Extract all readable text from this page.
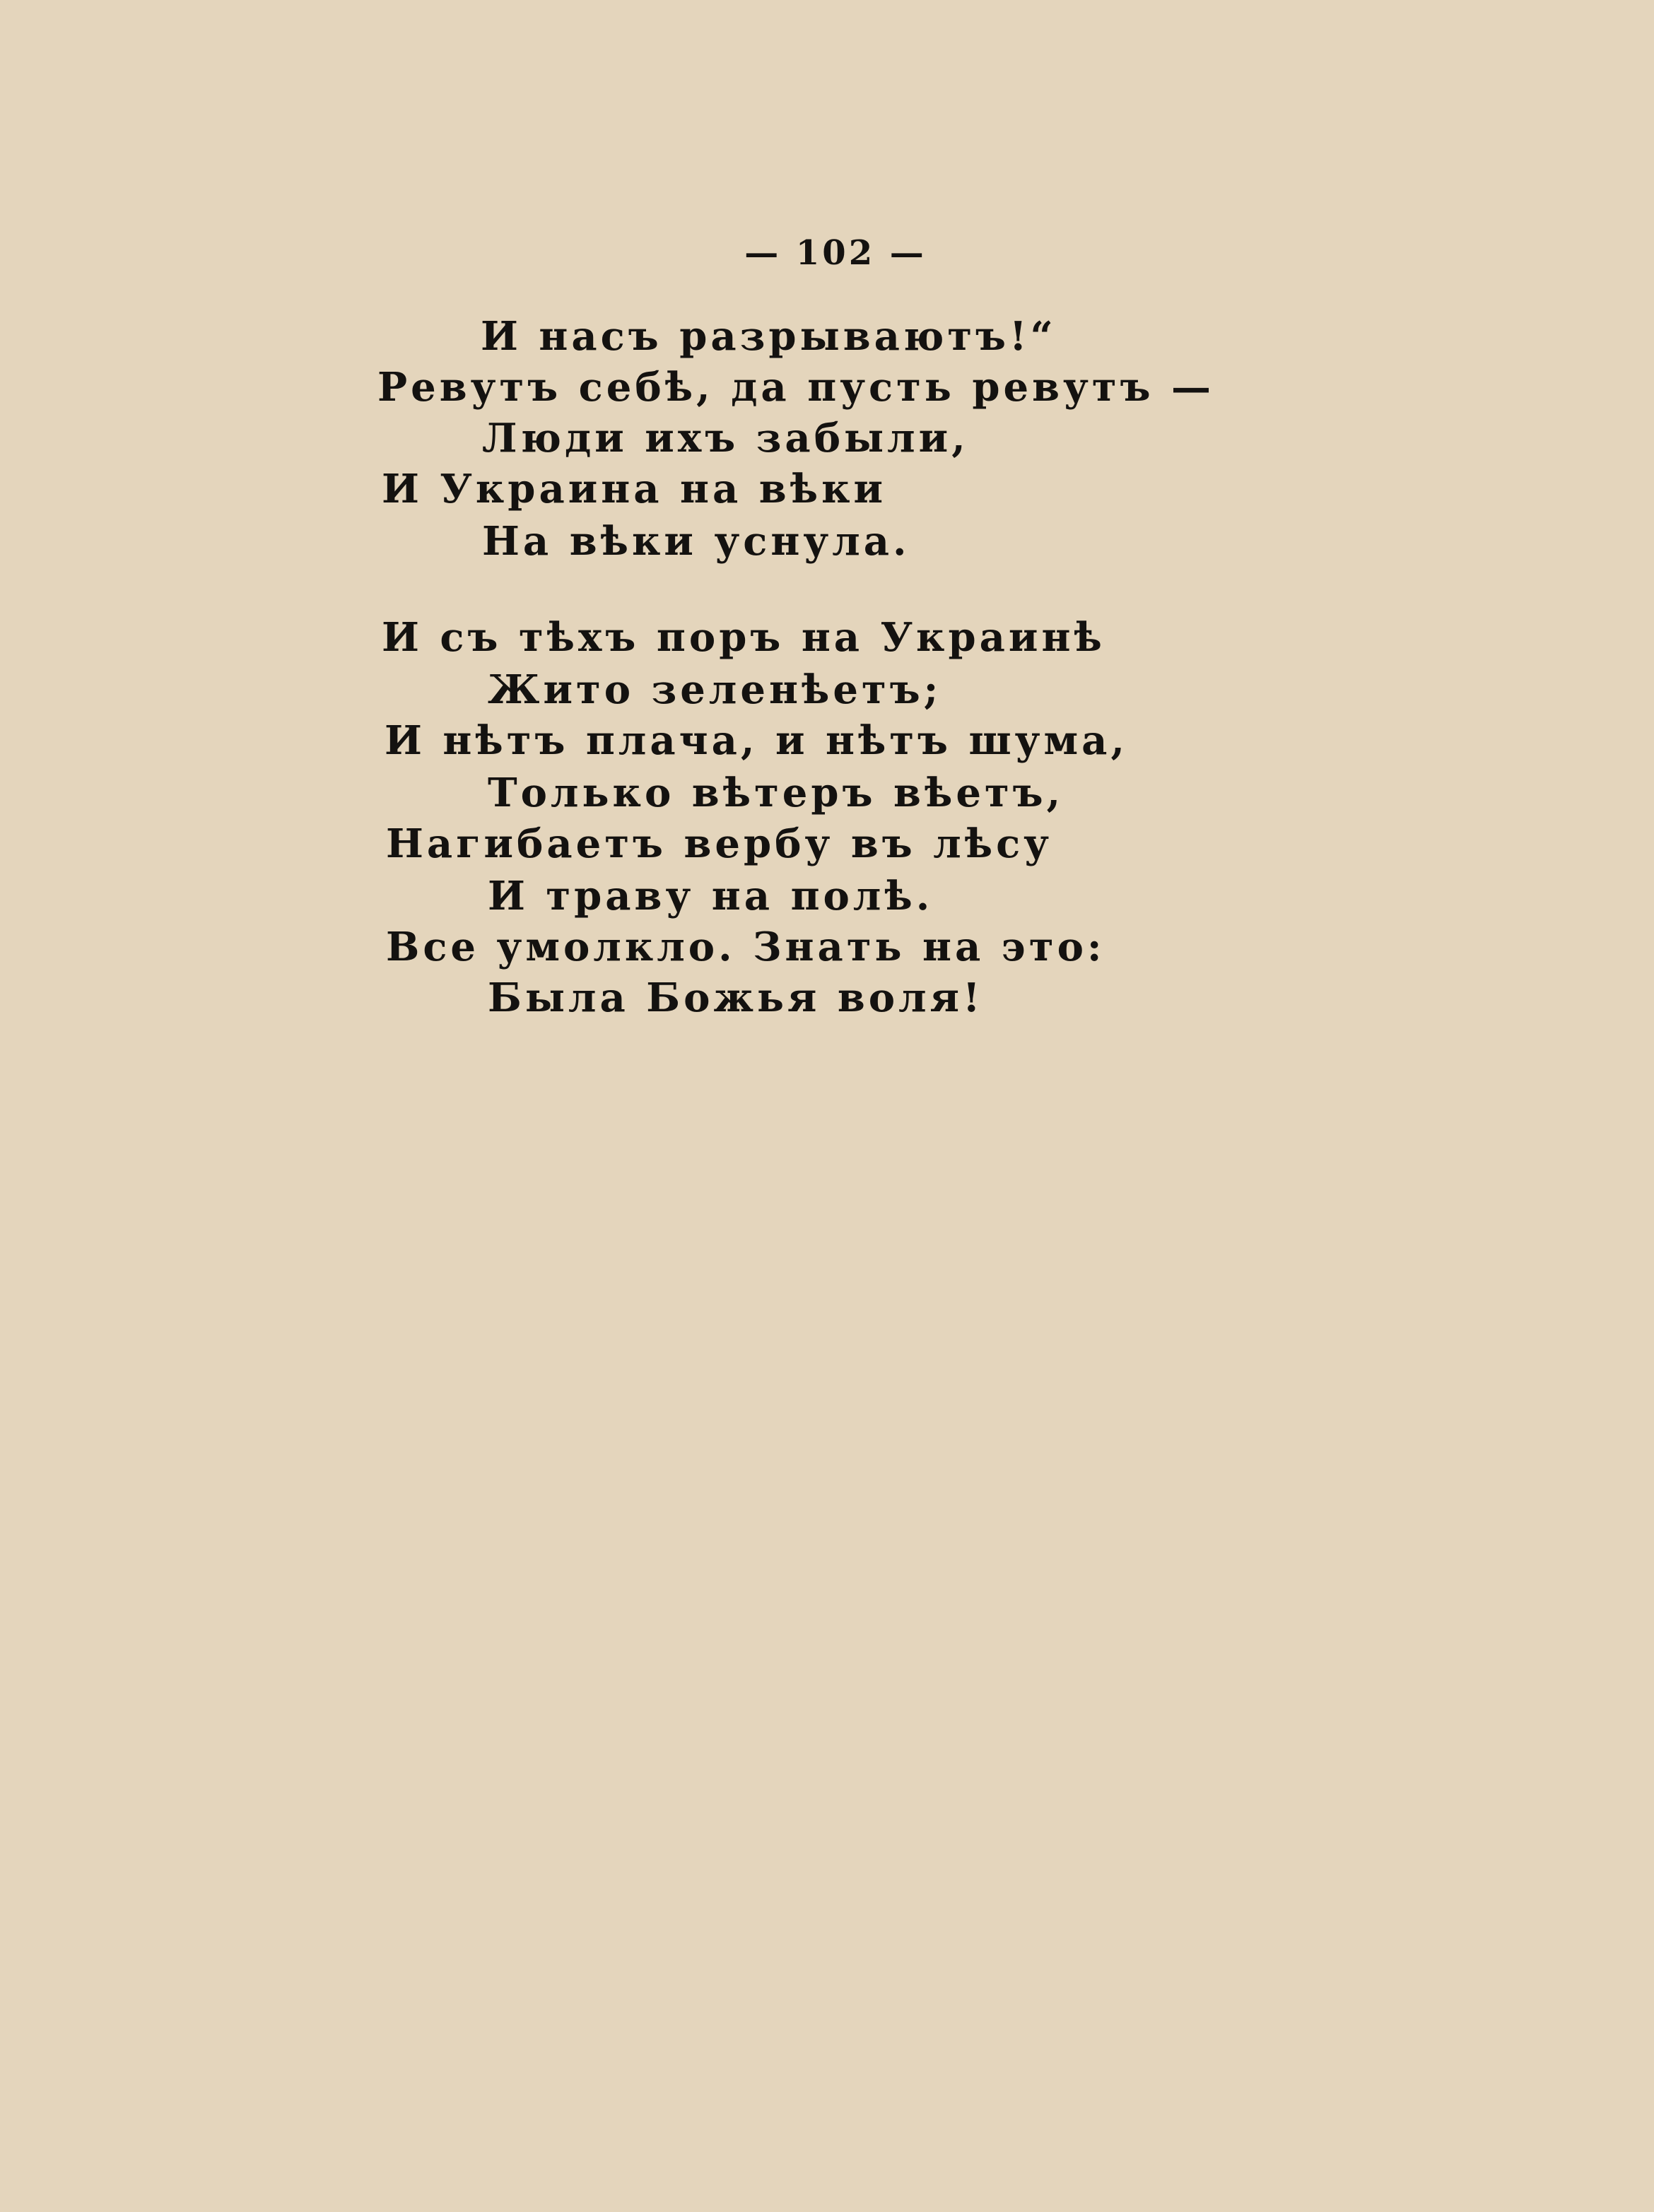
— 102 —
И насъ разрываютъ!“
Ревутъ себѣ, да пусть ревутъ —
Люди ихъ забыли,
И Украина на вѣки
На вѣки уснула.
И съ тѣхъ поръ на Украинѣ
Жито зеленѣетъ;
И нѣтъ плача, и нѣтъ шума,
Только вѣтеръ вѣетъ,
Нагибаетъ вербу въ лѣсу
И траву на полѣ.
Все умолкло. Знать на это:
Была Божья воля!
